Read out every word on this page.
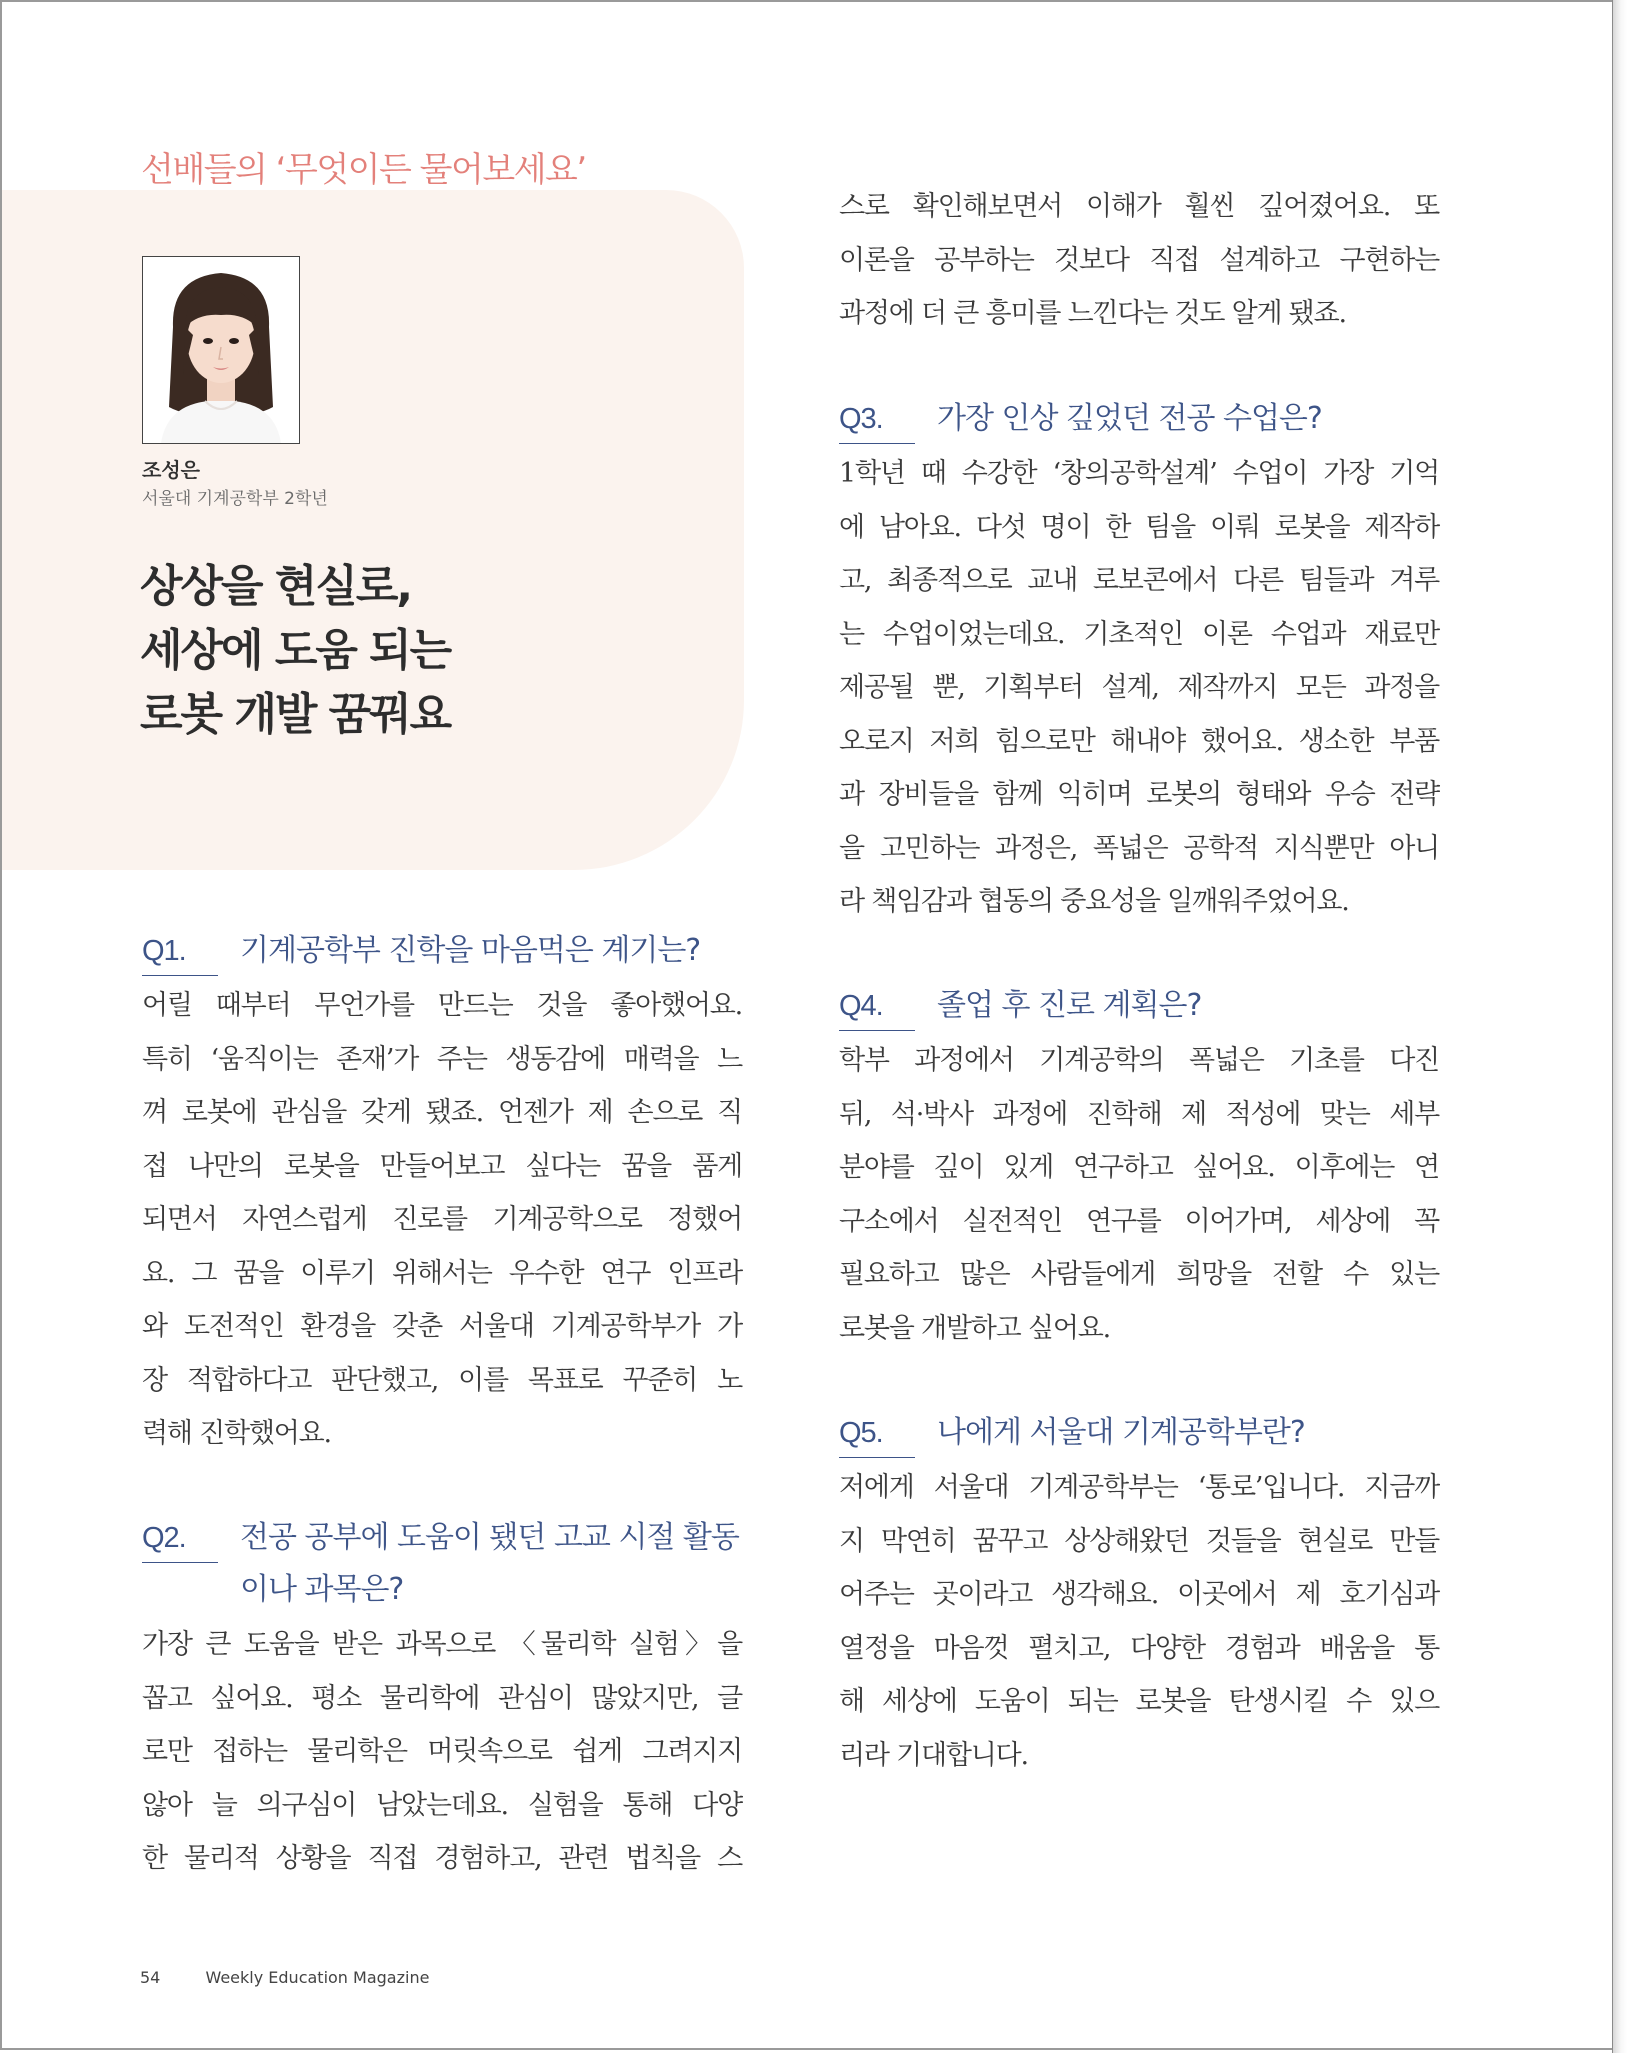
선배들의 ‘무엇이든 물어보세요’
조성은
서울대 기계공학부 2학년
상상을 현실로,
세상에 도움 되는
로봇 개발 꿈꿔요
Q1.	기계공학부 진학을 마음먹은 계기는?
어릴 때부터 무언가를 만드는 것을 좋아했어요.
특히 ‘움직이는 존재’가 주는 생동감에 매력을 느
껴 로봇에 관심을 갖게 됐죠. 언젠가 제 손으로 직
접 나만의 로봇을 만들어보고 싶다는 꿈을 품게
되면서 자연스럽게 진로를 기계공학으로 정했어
요. 그 꿈을 이루기 위해서는 우수한 연구 인프라
와 도전적인 환경을 갖춘 서울대 기계공학부가 가
장 적합하다고 판단했고, 이를 목표로 꾸준히 노
력해 진학했어요.
Q2.	전공 공부에 도움이 됐던 고교 시절 활동이나 과목은?
가장 큰 도움을 받은 과목으로 〈물리학 실험〉을
꼽고 싶어요. 평소 물리학에 관심이 많았지만, 글
로만 접하는 물리학은 머릿속으로 쉽게 그려지지
않아 늘 의구심이 남았는데요. 실험을 통해 다양
한 물리적 상황을 직접 경험하고, 관련 법칙을 스
스로 확인해보면서 이해가 훨씬 깊어졌어요. 또
이론을 공부하는 것보다 직접 설계하고 구현하는
과정에 더 큰 흥미를 느낀다는 것도 알게 됐죠.
Q3.	가장 인상 깊었던 전공 수업은?
1학년 때 수강한 ‘창의공학설계’ 수업이 가장 기억
에 남아요. 다섯 명이 한 팀을 이뤄 로봇을 제작하
고, 최종적으로 교내 로보콘에서 다른 팀들과 겨루
는 수업이었는데요. 기초적인 이론 수업과 재료만
제공될 뿐, 기획부터 설계, 제작까지 모든 과정을
오로지 저희 힘으로만 해내야 했어요. 생소한 부품
과 장비들을 함께 익히며 로봇의 형태와 우승 전략
을 고민하는 과정은, 폭넓은 공학적 지식뿐만 아니
라 책임감과 협동의 중요성을 일깨워주었어요.
Q4.	졸업 후 진로 계획은?
학부 과정에서 기계공학의 폭넓은 기초를 다진
뒤, 석·박사 과정에 진학해 제 적성에 맞는 세부
분야를 깊이 있게 연구하고 싶어요. 이후에는 연
구소에서 실전적인 연구를 이어가며, 세상에 꼭
필요하고 많은 사람들에게 희망을 전할 수 있는
로봇을 개발하고 싶어요.
Q5.	나에게 서울대 기계공학부란?
저에게 서울대 기계공학부는 ‘통로’입니다. 지금까
지 막연히 꿈꾸고 상상해왔던 것들을 현실로 만들
어주는 곳이라고 생각해요. 이곳에서 제 호기심과
열정을 마음껏 펼치고, 다양한 경험과 배움을 통
해 세상에 도움이 되는 로봇을 탄생시킬 수 있으
리라 기대합니다.
54	Weekly Education Magazine
